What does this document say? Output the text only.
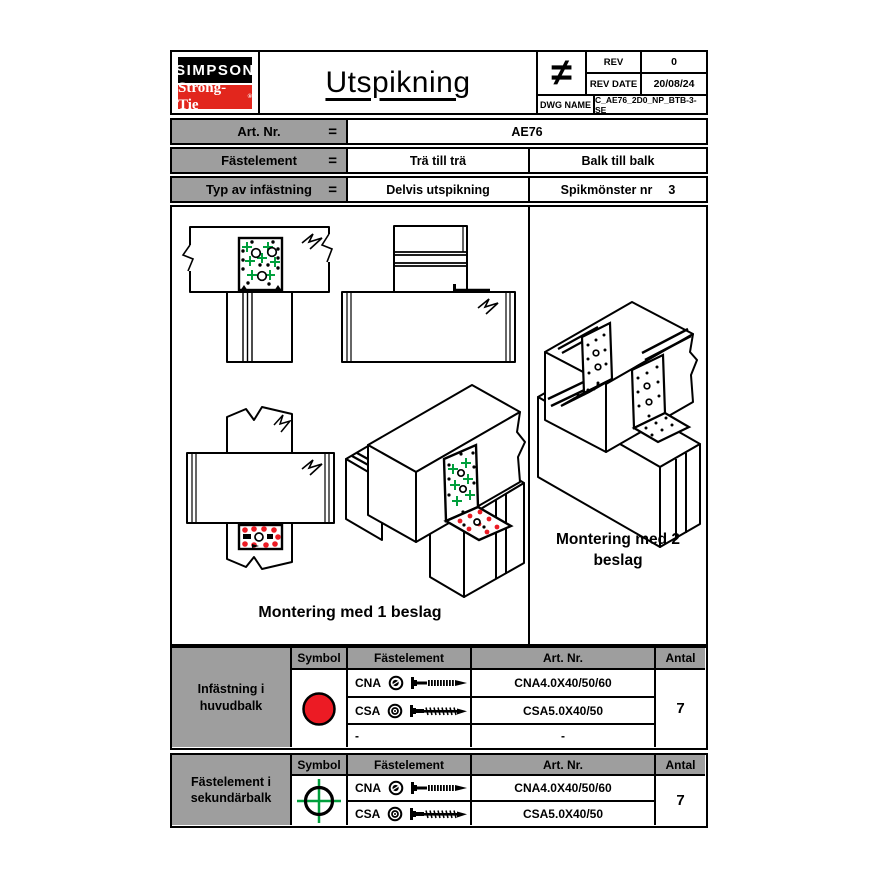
SIMPSON
Strong-Tie	® Utspikning ≠	REV	0
REV DATE 20/08/24
DWG NAME C_AE76_2D0_NP_BTB-3-SE
Art. Nr.	=	AE76
Fästelement =	Trä till trä	Balk till balk
Typ av infästning =	Delvis utspikning	Spikmönster nr 3
Montering med 1 beslag
Montering med 2
beslag
Infästning i huvudbalk
Symbol	Fästelement	Art. Nr.	Antal
CNA	CNA4.0X40/50/60
CSA	CSA5.0X40/50
-	-
7
Fästelement i sekundärbalk
Symbol	Fästelement	Art. Nr.	Antal
CNA	CNA4.0X40/50/60
CSA	CSA5.0X40/50
7
